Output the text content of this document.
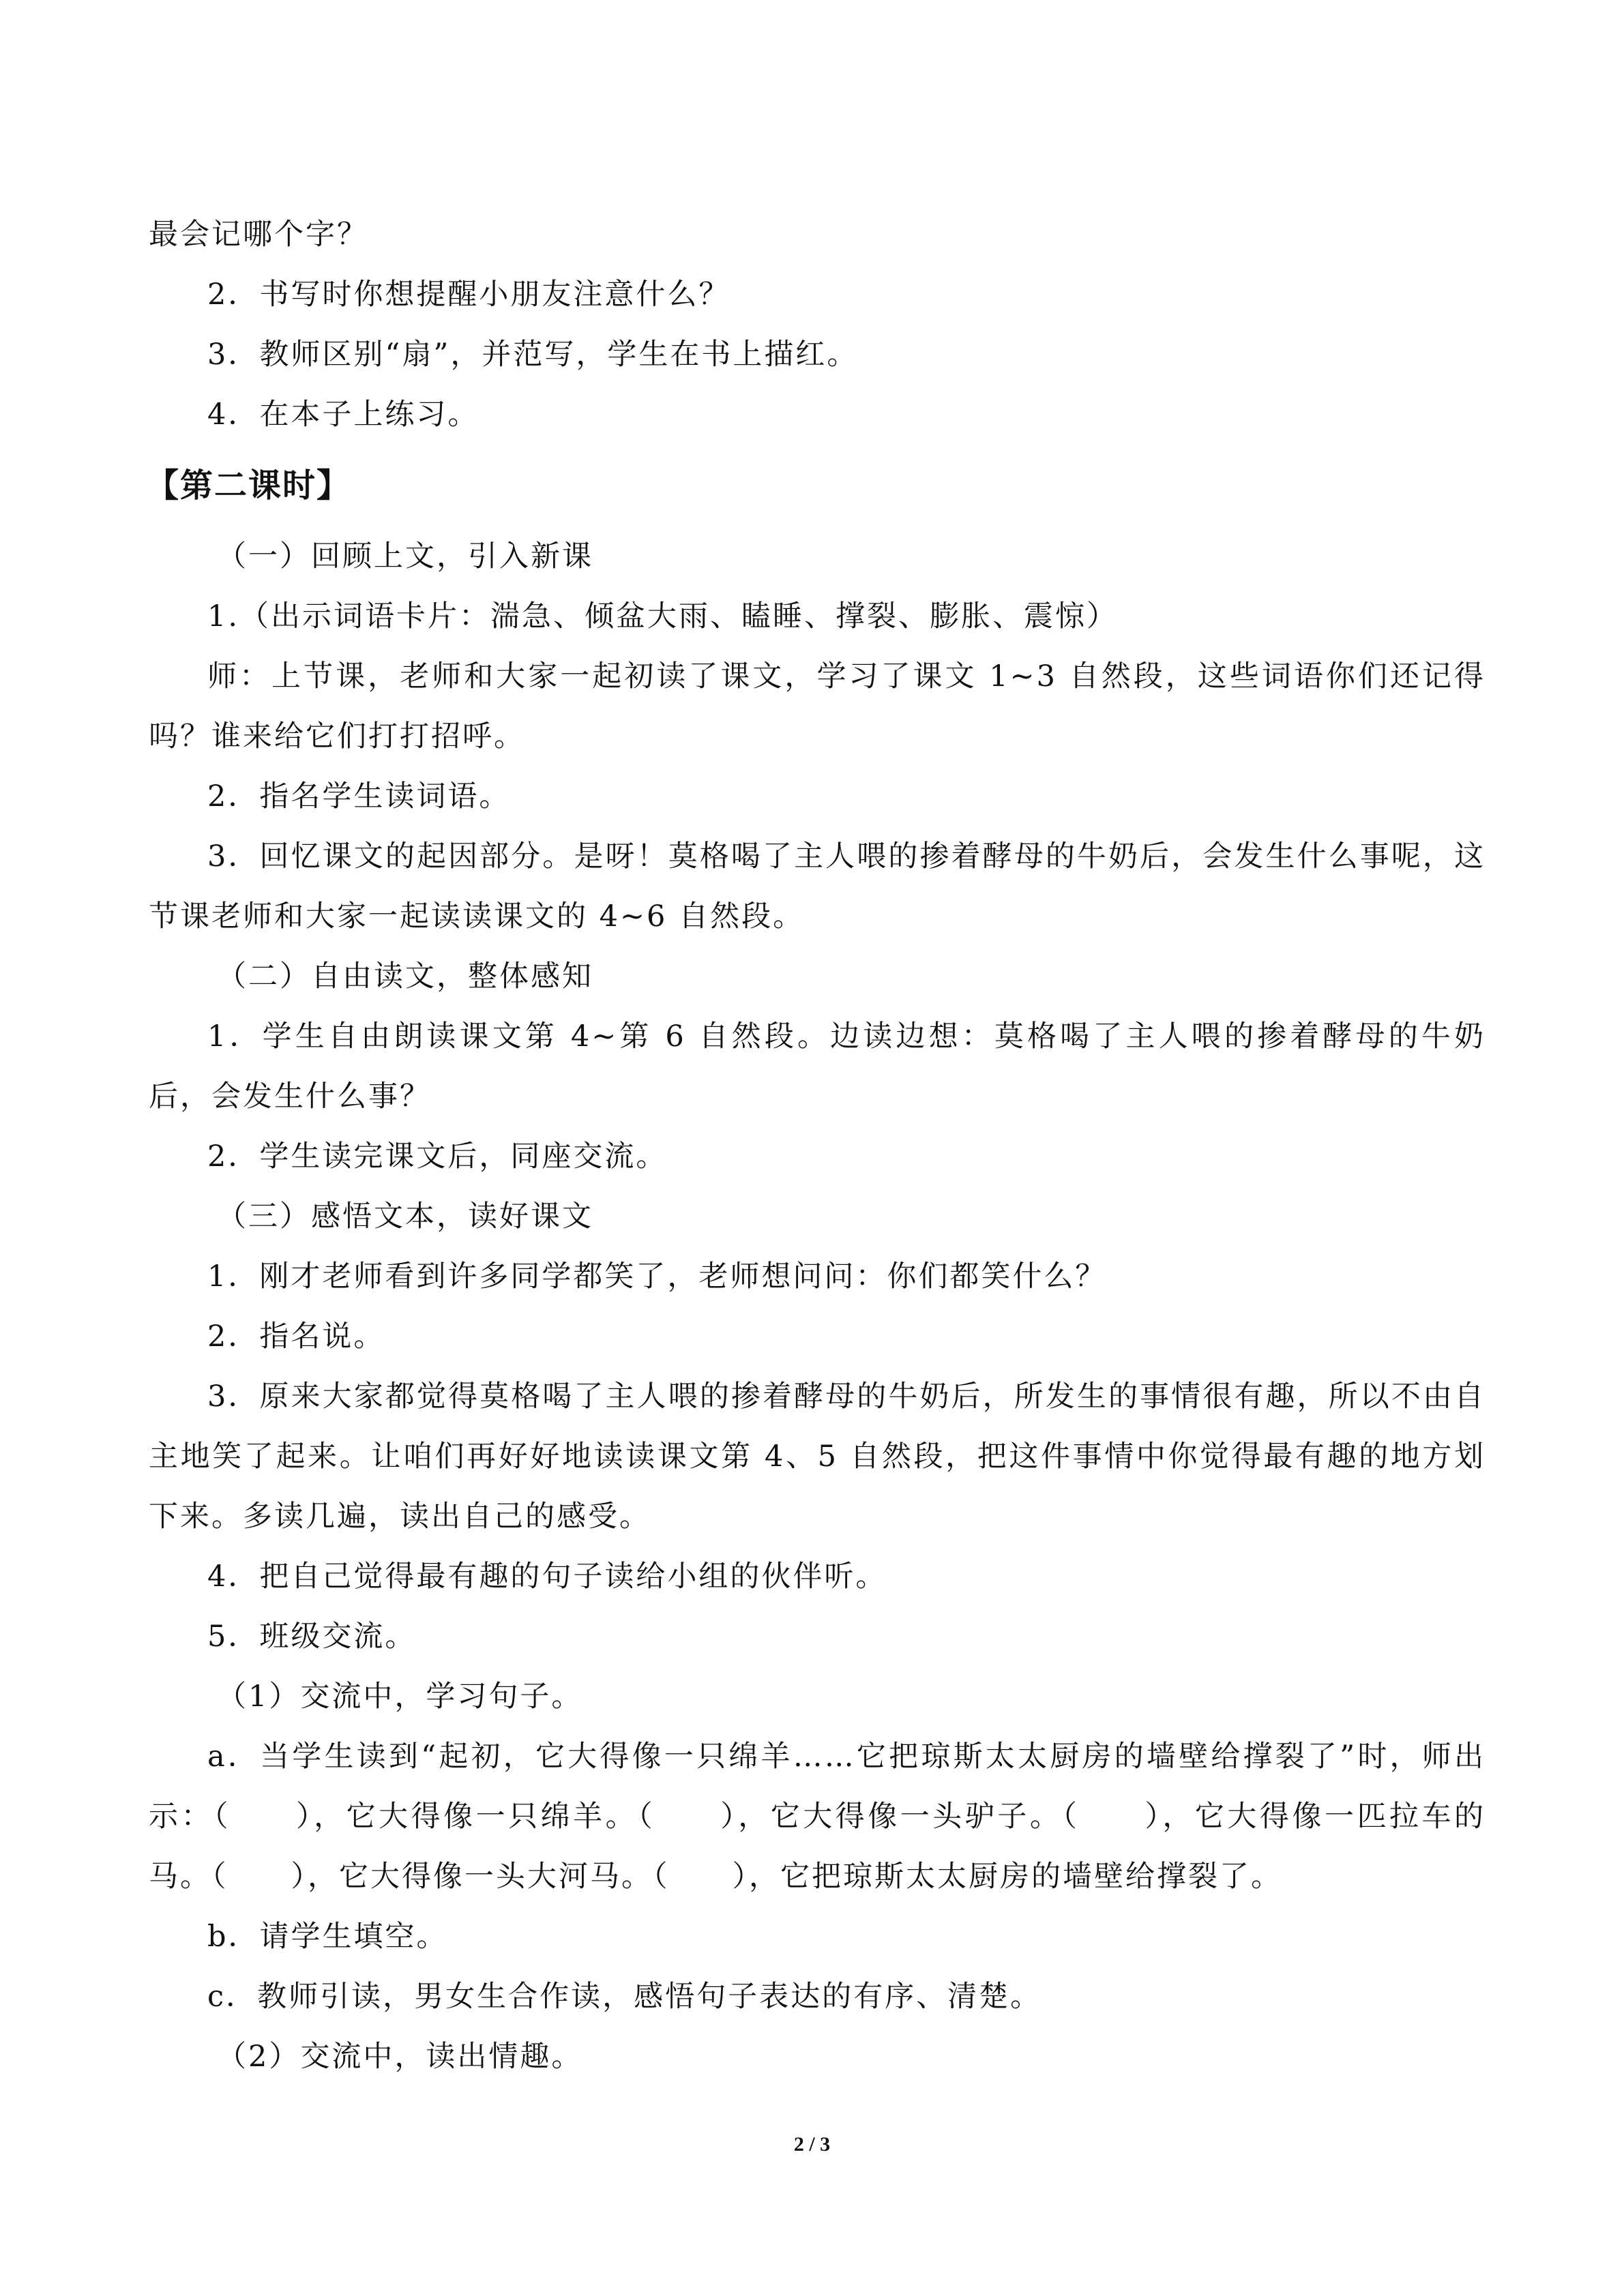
最会记哪个字？
2．书写时你想提醒小朋友注意什么？
3．教师区别“扇”，并范写，学生在书上描红。
4．在本子上练习。
【第二课时】
（一）回顾上文，引入新课
1.（出示词语卡片：湍急、倾盆大雨、瞌睡、撑裂、膨胀、震惊）
师：上节课，老师和大家一起初读了课文，学习了课文 1~3 自然段，这些词语你们还记得吗？谁来给它们打打招呼。
2．指名学生读词语。
3．回忆课文的起因部分。是呀！莫格喝了主人喂的掺着酵母的牛奶后，会发生什么事呢，这节课老师和大家一起读读课文的 4~6 自然段。
（二）自由读文，整体感知
1．学生自由朗读课文第 4~第 6 自然段。边读边想：莫格喝了主人喂的掺着酵母的牛奶后，会发生什么事？
2．学生读完课文后，同座交流。
（三）感悟文本，读好课文
1．刚才老师看到许多同学都笑了，老师想问问：你们都笑什么？
2．指名说。
3．原来大家都觉得莫格喝了主人喂的掺着酵母的牛奶后，所发生的事情很有趣，所以不由自主地笑了起来。让咱们再好好地读读课文第 4、5 自然段，把这件事情中你觉得最有趣的地方划下来。多读几遍，读出自己的感受。
4．把自己觉得最有趣的句子读给小组的伙伴听。
5．班级交流。
（1）交流中，学习句子。
a．当学生读到“起初，它大得像一只绵羊……它把琼斯太太厨房的墙壁给撑裂了”时，师出示：（　　），它大得像一只绵羊。（　　），它大得像一头驴子。（　　），它大得像一匹拉车的马。（　　），它大得像一头大河马。（　　），它把琼斯太太厨房的墙壁给撑裂了。
b．请学生填空。
c．教师引读，男女生合作读，感悟句子表达的有序、清楚。
（2）交流中，读出情趣。
2 / 3
